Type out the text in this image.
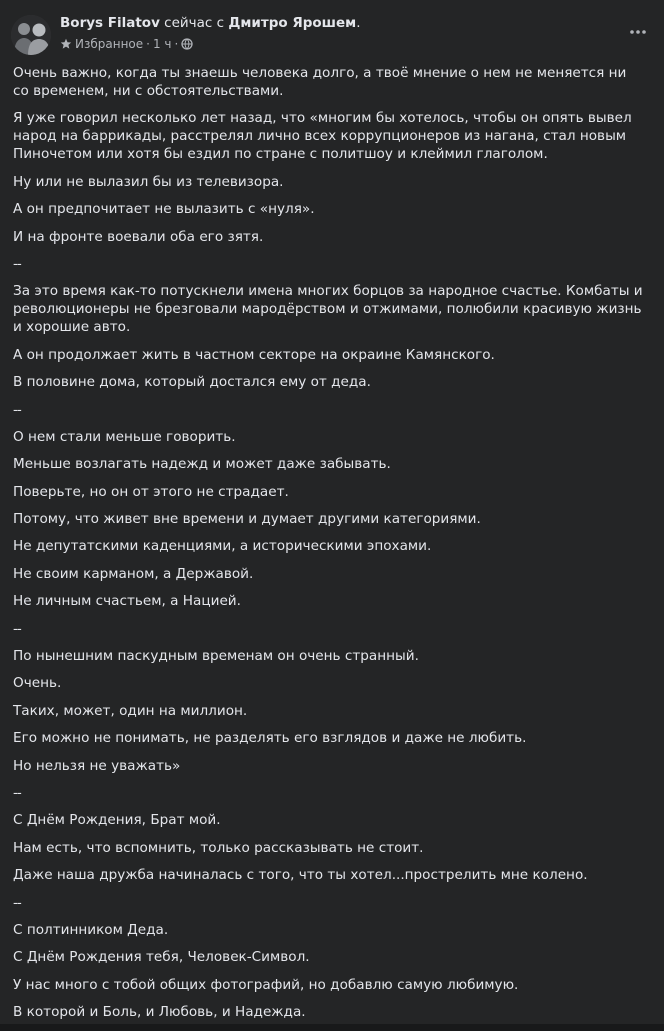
Borys Filatov сейчас с Дмитро Ярошем.
Избранное · 1 ч ·

Очень важно, когда ты знаешь человека долго, а твоё мнение о нем не меняется ни со временем, ни с обстоятельствами.

Я уже говорил несколько лет назад, что «многим бы хотелось, чтобы он опять вывел народ на баррикады, расстрелял лично всех коррупционеров из нагана, стал новым Пиночетом или хотя бы ездил по стране с политшоу и клеймил глаголом.

Ну или не вылазил бы из телевизора.

А он предпочитает не вылазить с «нуля».

И на фронте воевали оба его зятя.

--

За это время как-то потускнели имена многих борцов за народное счастье. Комбаты и революционеры не брезговали мародёрством и отжимами, полюбили красивую жизнь и хорошие авто.

А он продолжает жить в частном секторе на окраине Камянского.

В половине дома, который достался ему от деда.

--

О нем стали меньше говорить.

Меньше возлагать надежд и может даже забывать.

Поверьте, но он от этого не страдает.

Потому, что живет вне времени и думает другими категориями.

Не депутатскими каденциями, а историческими эпохами.

Не своим карманом, а Державой.

Не личным счастьем, а Нацией.

--

По нынешним паскудным временам он очень странный.

Очень.

Таких, может, один на миллион.

Его можно не понимать, не разделять его взглядов и даже не любить.

Но нельзя не уважать»

--

С Днём Рождения, Брат мой.

Нам есть, что вспомнить, только рассказывать не стоит.

Даже наша дружба начиналась с того, что ты хотел...прострелить мне колено.

--

С полтинником Деда.

С Днём Рождения тебя, Человек-Символ.

У нас много с тобой общих фотографий, но добавлю самую любимую.

В которой и Боль, и Любовь, и Надежда.
